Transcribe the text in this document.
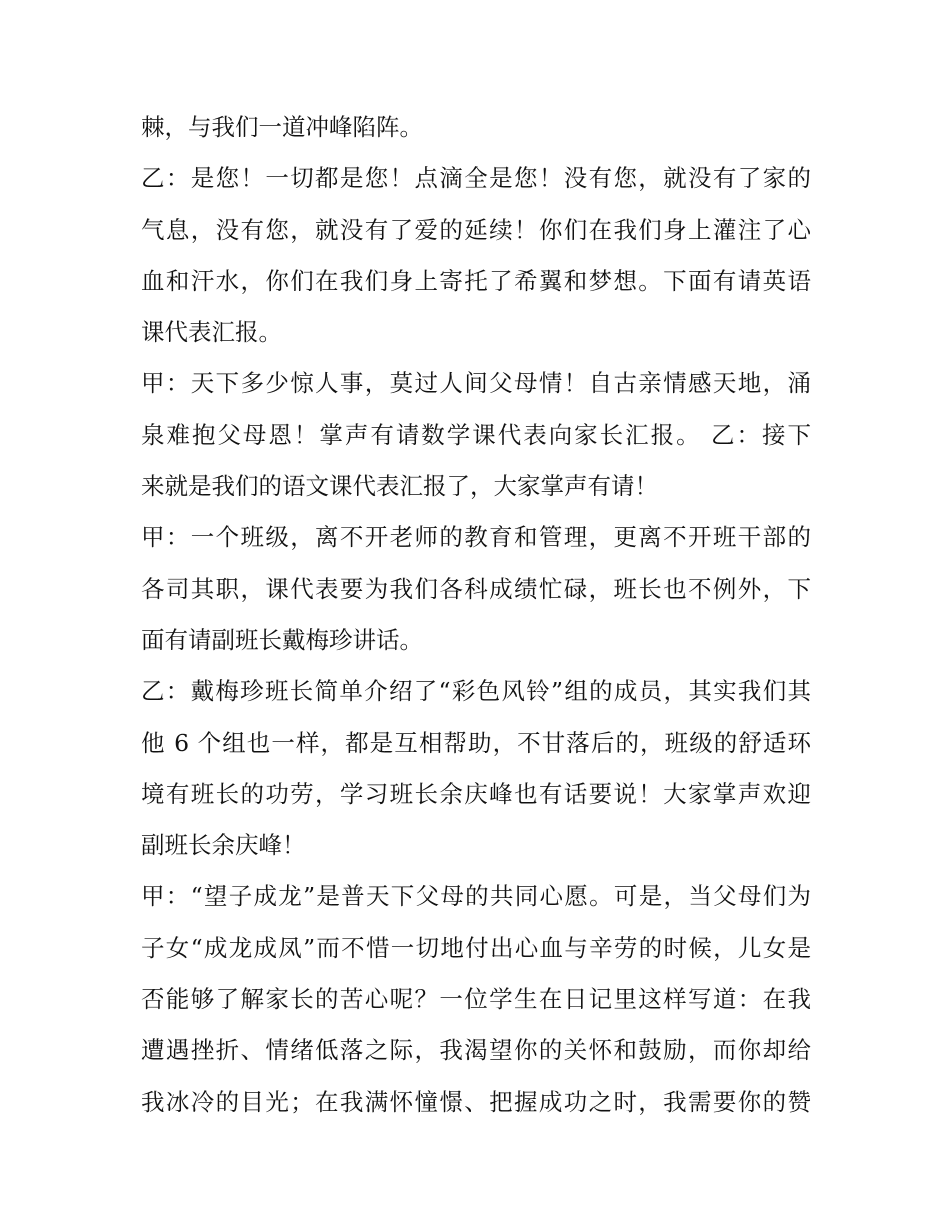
棘，与我们一道冲峰陷阵。
乙：是您！一切都是您！点滴全是您！没有您，就没有了家的
气息，没有您，就没有了爱的延续！你们在我们身上灌注了心
血和汗水，你们在我们身上寄托了希翼和梦想。下面有请英语
课代表汇报。
甲：天下多少惊人事，莫过人间父母情！自古亲情感天地，涌
泉难抱父母恩！掌声有请数学课代表向家长汇报。 乙：接下
来就是我们的语文课代表汇报了，大家掌声有请！
甲：一个班级，离不开老师的教育和管理，更离不开班干部的
各司其职，课代表要为我们各科成绩忙碌，班长也不例外，下
面有请副班长戴梅珍讲话。
乙：戴梅珍班长简单介绍了“彩色风铃”组的成员，其实我们其
他 6 个组也一样，都是互相帮助，不甘落后的，班级的舒适环
境有班长的功劳，学习班长余庆峰也有话要说！大家掌声欢迎
副班长余庆峰！
甲：“望子成龙”是普天下父母的共同心愿。可是，当父母们为
子女“成龙成凤”而不惜一切地付出心血与辛劳的时候，儿女是
否能够了解家长的苦心呢？一位学生在日记里这样写道：在我
遭遇挫折、情绪低落之际，我渴望你的关怀和鼓励，而你却给
我冰冷的目光；在我满怀憧憬、把握成功之时，我需要你的赞
